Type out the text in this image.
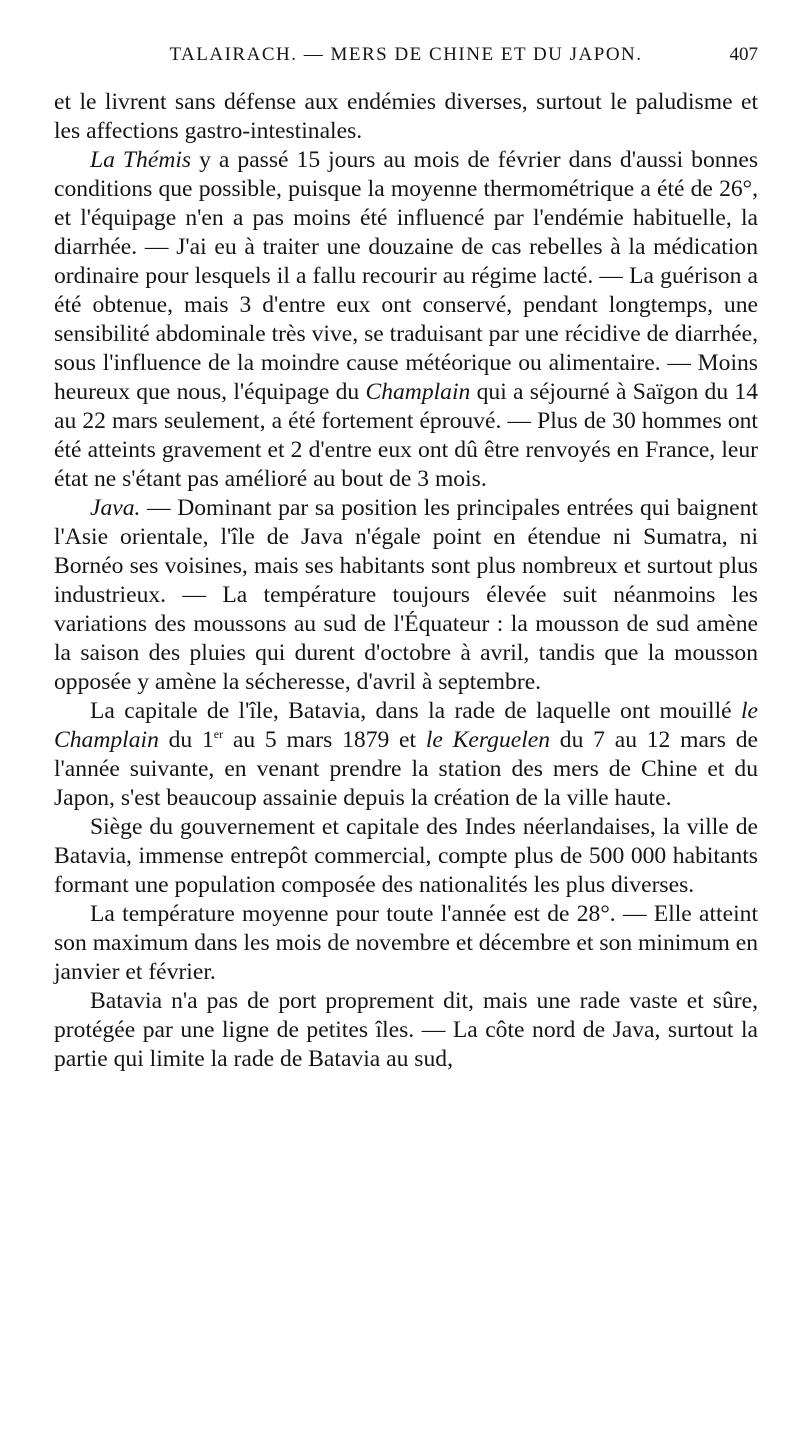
TALAIRACH. — MERS DE CHINE ET DU JAPON.	407

et le livrent sans défense aux endémies diverses, surtout le paludisme et les affections gastro-intestinales.

La Thémis y a passé 15 jours au mois de février dans d'aussi bonnes conditions que possible, puisque la moyenne thermométrique a été de 26°, et l'équipage n'en a pas moins été influencé par l'endémie habituelle, la diarrhée. — J'ai eu à traiter une douzaine de cas rebelles à la médication ordinaire pour lesquels il a fallu recourir au régime lacté. — La guérison a été obtenue, mais 3 d'entre eux ont conservé, pendant longtemps, une sensibilité abdominale très vive, se traduisant par une récidive de diarrhée, sous l'influence de la moindre cause météorique ou alimentaire. — Moins heureux que nous, l'équipage du Champlain qui a séjourné à Saïgon du 14 au 22 mars seulement, a été fortement éprouvé. — Plus de 30 hommes ont été atteints gravement et 2 d'entre eux ont dû être renvoyés en France, leur état ne s'étant pas amélioré au bout de 3 mois.

Java. — Dominant par sa position les principales entrées qui baignent l'Asie orientale, l'île de Java n'égale point en étendue ni Sumatra, ni Bornéo ses voisines, mais ses habitants sont plus nombreux et surtout plus industrieux. — La température toujours élevée suit néanmoins les variations des moussons au sud de l'Équateur : la mousson de sud amène la saison des pluies qui durent d'octobre à avril, tandis que la mousson opposée y amène la sécheresse, d'avril à septembre.

La capitale de l'île, Batavia, dans la rade de laquelle ont mouillé le Champlain du 1er au 5 mars 1879 et le Kerguelen du 7 au 12 mars de l'année suivante, en venant prendre la station des mers de Chine et du Japon, s'est beaucoup assainie depuis la création de la ville haute.

Siège du gouvernement et capitale des Indes néerlandaises, la ville de Batavia, immense entrepôt commercial, compte plus de 500 000 habitants formant une population composée des nationalités les plus diverses.

La température moyenne pour toute l'année est de 28°. — Elle atteint son maximum dans les mois de novembre et décembre et son minimum en janvier et février.

Batavia n'a pas de port proprement dit, mais une rade vaste et sûre, protégée par une ligne de petites îles. — La côte nord de Java, surtout la partie qui limite la rade de Batavia au sud,
